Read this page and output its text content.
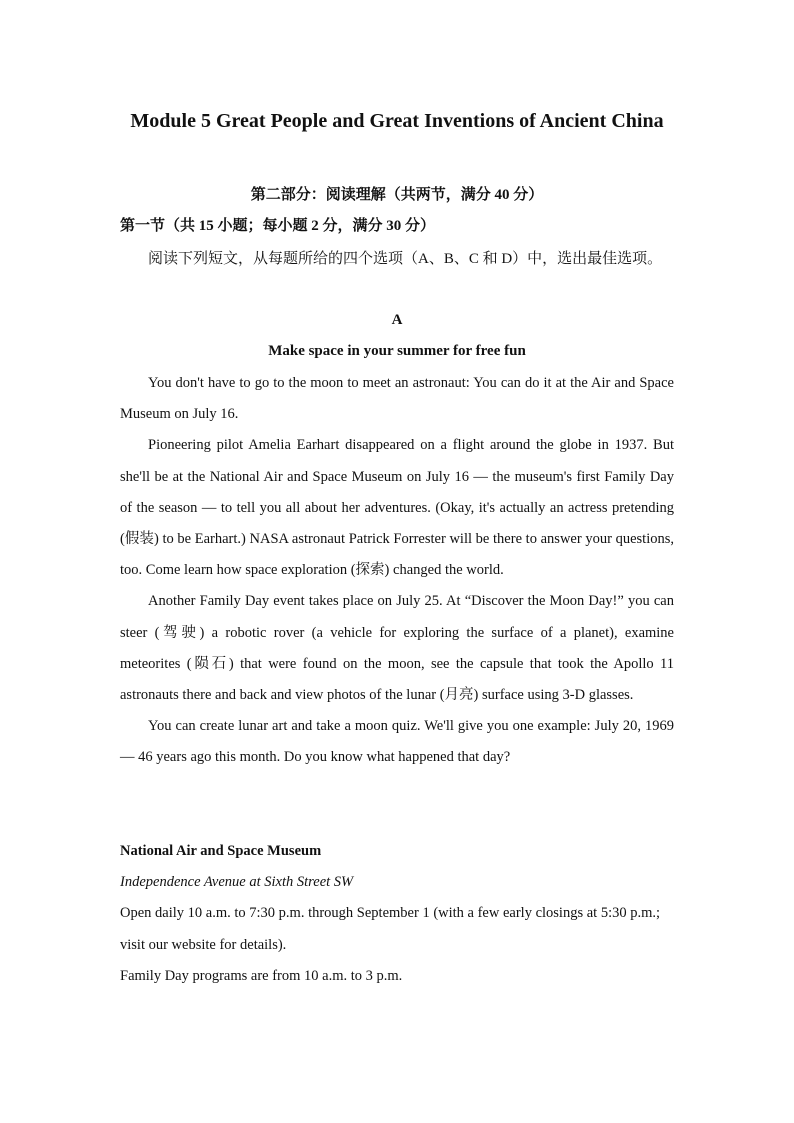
Module 5 Great People and Great Inventions of Ancient China
第二部分：阅读理解（共两节，满分 40 分）
第一节（共 15 小题；每小题 2 分，满分 30 分）
阅读下列短文，从每题所给的四个选项（A、B、C 和 D）中，选出最佳选项。
A
Make space in your summer for free fun

You don't have to go to the moon to meet an astronaut: You can do it at the Air and Space Museum on July 16.

Pioneering pilot Amelia Earhart disappeared on a flight around the globe in 1937. But she'll be at the National Air and Space Museum on July 16 — the museum's first Family Day of the season — to tell you all about her adventures. (Okay, it's actually an actress pretending (假装) to be Earhart.) NASA astronaut Patrick Forrester will be there to answer your questions, too. Come learn how space exploration (探索) changed the world.

Another Family Day event takes place on July 25. At “Discover the Moon Day!” you can steer (驾驶) a robotic rover (a vehicle for exploring the surface of a planet), examine meteorites (陨石) that were found on the moon, see the capsule that took the Apollo 11 astronauts there and back and view photos of the lunar (月亮) surface using 3-D glasses.

You can create lunar art and take a moon quiz. We'll give you one example: July 20, 1969 — 46 years ago this month. Do you know what happened that day?

National Air and Space Museum
Independence Avenue at Sixth Street SW
Open daily 10 a.m. to 7:30 p.m. through September 1 (with a few early closings at 5:30 p.m.; visit our website for details).
Family Day programs are from 10 a.m. to 3 p.m.
